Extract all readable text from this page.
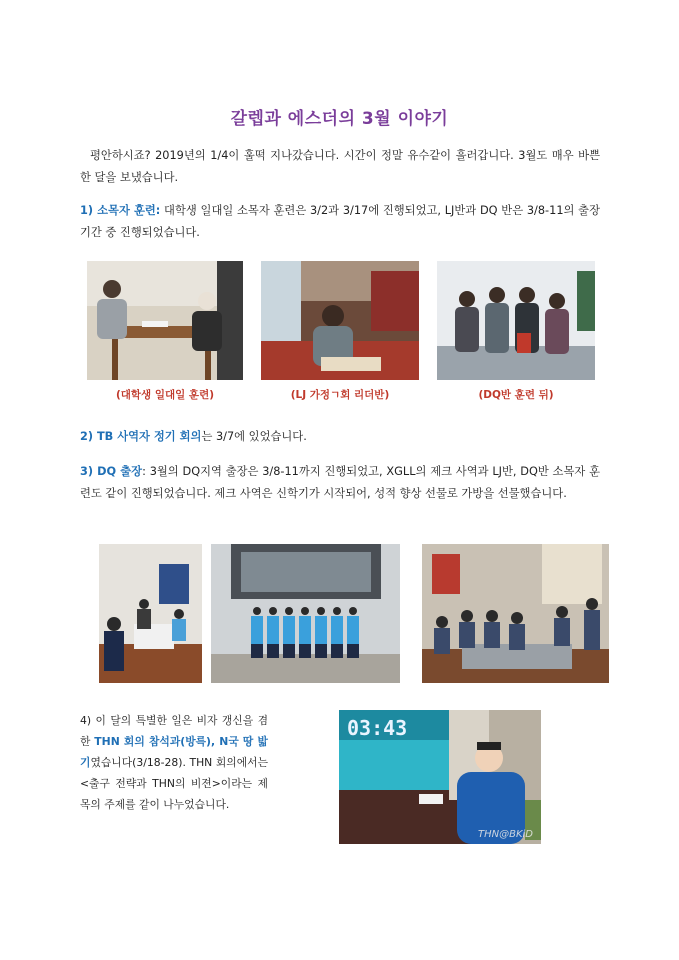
갈렙과 에스더의 3월 이야기
평안하시죠? 2019년의 1/4이 훌떡 지나갔습니다. 시간이 정말 유수같이 흘러갑니다. 3월도 매우 바쁜 한 달을 보냈습니다.
1) 소목자 훈련: 대학생 일대일 소목자 훈련은 3/2과 3/17에 진행되었고, LJ반과 DQ 반은 3/8-11의 출장 기간 중 진행되었습니다.
(대학생 일대일 훈련)	(LJ 가정ㄱ회 리더반)	(DQ반 훈련 뒤)
2) TB 사역자 정기 회의는 3/7에 있었습니다.
3) DQ 출장: 3월의 DQ지역 출장은 3/8-11까지 진행되었고, XGLL의 제크 사역과 LJ반, DQ반 소목자 훈련도 같이 진행되었습니다. 제크 사역은 신학기가 시작되어, 성적 향상 선물로 가방을 선물했습니다.
4) 이 달의 특별한 일은 비자 갱신을 겸한 THN 회의 참석과(방륵), N국 땅 밟기였습니다(3/18-28). THN 회의에서는 <출구 전략과 THN의 비젼>이라는 제목의 주제를 같이 나누었습니다.
03:43
THN@BKiD
